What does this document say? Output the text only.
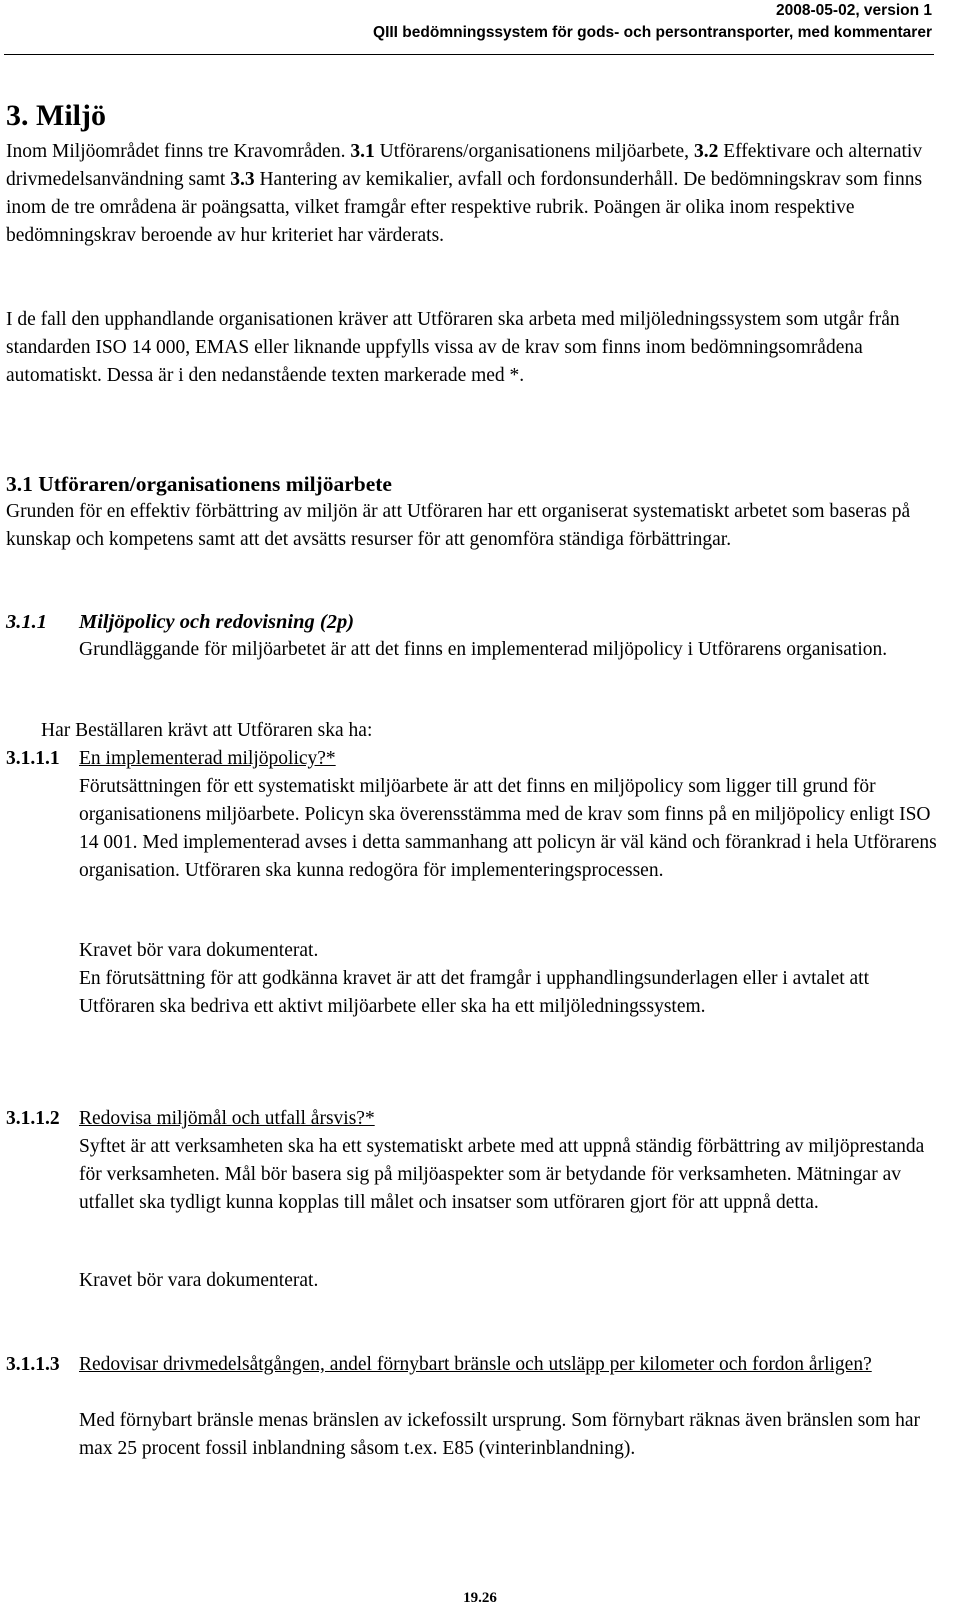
2008-05-02, version 1
QIII bedömningssystem för gods- och persontransporter, med kommentarer
3. Miljö

Inom Miljöområdet finns tre Kravområden. 3.1 Utförarens/organisationens miljöarbete, 3.2 Effektivare och alternativ drivmedelsanvändning samt 3.3 Hantering av kemikalier, avfall och fordonsunderhåll. De bedömningskrav som finns inom de tre områdena är poängsatta, vilket framgår efter respektive rubrik. Poängen är olika inom respektive bedömningskrav beroende av hur kriteriet har värderats.

I de fall den upphandlande organisationen kräver att Utföraren ska arbeta med miljöledningssystem som utgår från standarden ISO 14 000, EMAS eller liknande uppfylls vissa av de krav som finns inom bedömningsområdena automatiskt. Dessa är i den nedanstående texten markerade med *.
3.1 Utföraren/organisationens miljöarbete
Grunden för en effektiv förbättring av miljön är att Utföraren har ett organiserat systematiskt arbetet som baseras på kunskap och kompetens samt att det avsätts resurser för att genomföra ständiga förbättringar.
3.1.1 Miljöpolicy och redovisning (2p)
Grundläggande för miljöarbetet är att det finns en implementerad miljöpolicy i Utförarens organisation.
Har Beställaren krävt att Utföraren ska ha:
3.1.1.1 En implementerad miljöpolicy?*
Förutsättningen för ett systematiskt miljöarbete är att det finns en miljöpolicy som ligger till grund för organisationens miljöarbete. Policyn ska överensstämma med de krav som finns på en miljöpolicy enligt ISO 14 001. Med implementerad avses i detta sammanhang att policyn är väl känd och förankrad i hela Utförarens organisation. Utföraren ska kunna redogöra för implementeringsprocessen.
Kravet bör vara dokumenterat.
En förutsättning för att godkänna kravet är att det framgår i upphandlingsunderlagen eller i avtalet att Utföraren ska bedriva ett aktivt miljöarbete eller ska ha ett miljöledningssystem.
3.1.1.2 Redovisa miljömål och utfall årsvis?*
Syftet är att verksamheten ska ha ett systematiskt arbete med att uppnå ständig förbättring av miljöprestanda för verksamheten. Mål bör basera sig på miljöaspekter som är betydande för verksamheten. Mätningar av utfallet ska tydligt kunna kopplas till målet och insatser som utföraren gjort för att uppnå detta.
Kravet bör vara dokumenterat.
3.1.1.3 Redovisar drivmedelsåtgången, andel förnybart bränsle och utsläpp per kilometer och fordon årligen?
Med förnybart bränsle menas bränslen av ickefossilt ursprung. Som förnybart räknas även bränslen som har max 25 procent fossil inblandning såsom t.ex. E85 (vinterinblandning).
19.26
